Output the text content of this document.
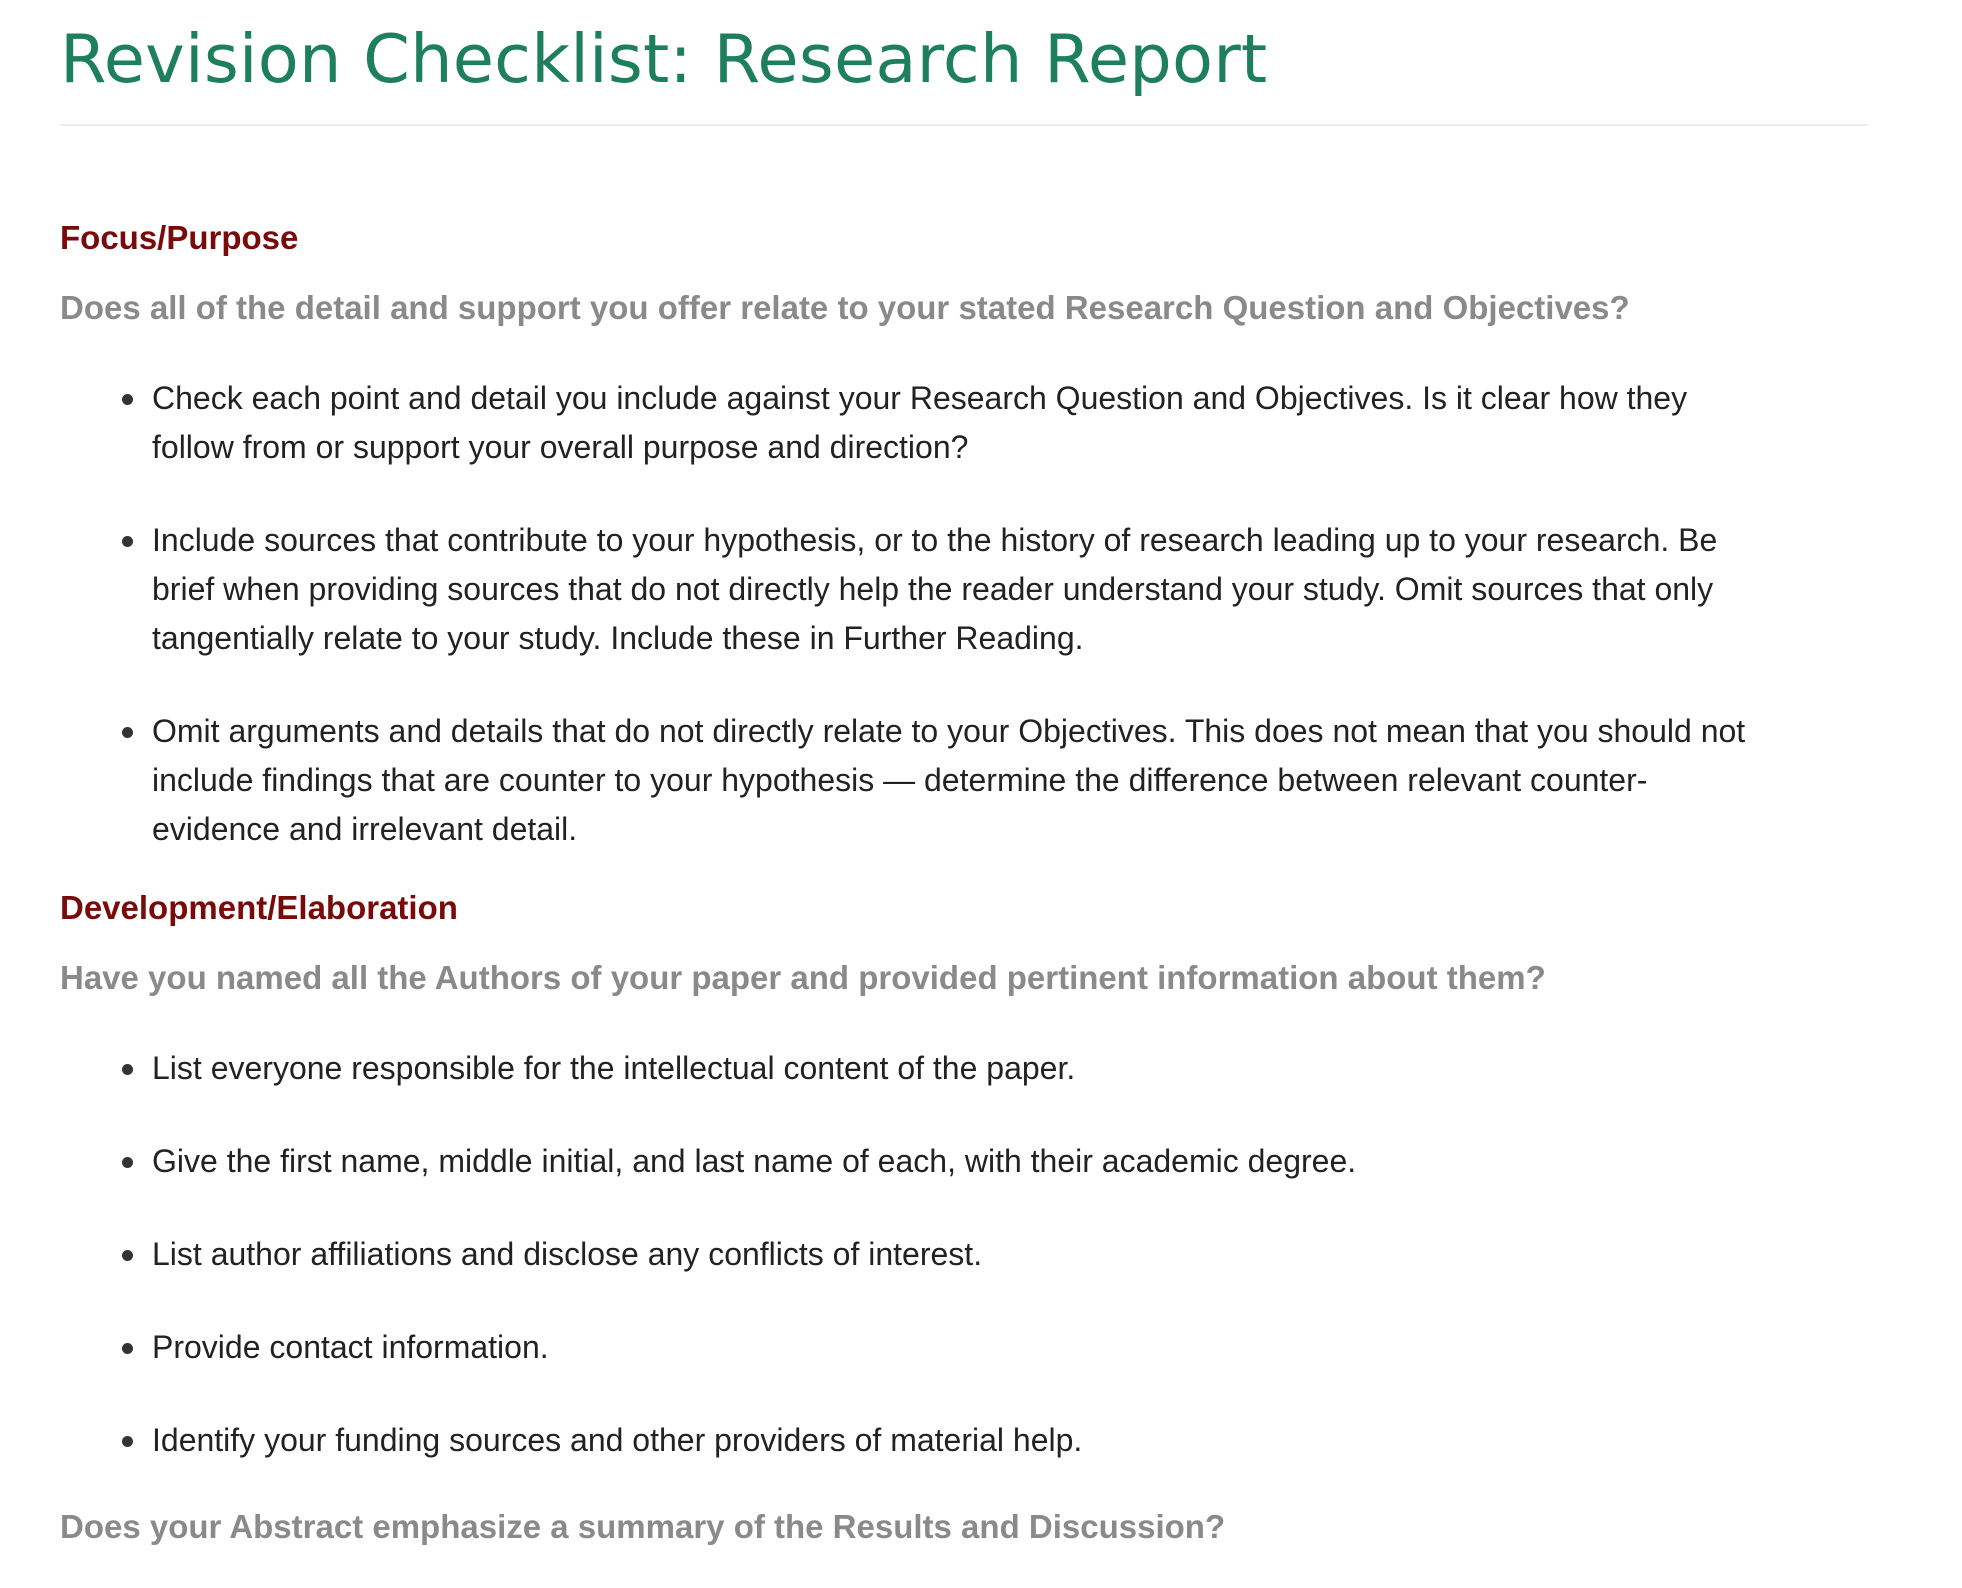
Revision Checklist: Research Report
Focus/Purpose

Does all of the detail and support you offer relate to your stated Research Question and Objectives?

Check each point and detail you include against your Research Question and Objectives. Is it clear how they
follow from or support your overall purpose and direction?
Include sources that contribute to your hypothesis, or to the history of research leading up to your research. Be
brief when providing sources that do not directly help the reader understand your study. Omit sources that only
tangentially relate to your study. Include these in Further Reading.
Omit arguments and details that do not directly relate to your Objectives. This does not mean that you should not
include findings that are counter to your hypothesis — determine the difference between relevant counter-
evidence and irrelevant detail.
Development/Elaboration

Have you named all the Authors of your paper and provided pertinent information about them?

List everyone responsible for the intellectual content of the paper.
Give the first name, middle initial, and last name of each, with their academic degree.
List author affiliations and disclose any conflicts of interest.
Provide contact information.
Identify your funding sources and other providers of material help.

Does your Abstract emphasize a summary of the Results and Discussion?
